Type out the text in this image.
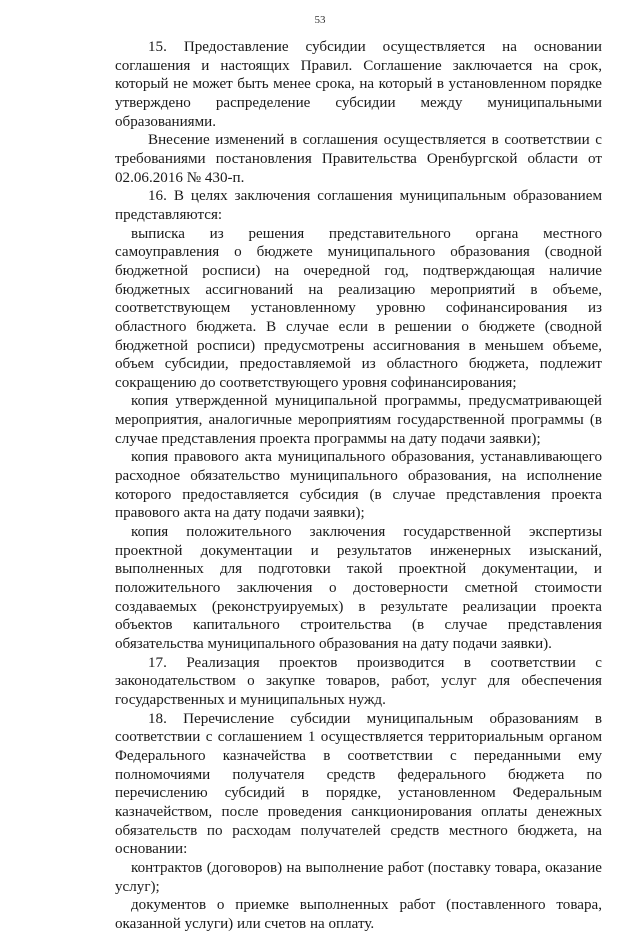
53

15. Предоставление субсидии осуществляется на основании соглашения и настоящих Правил. Соглашение заключается на срок, который не может быть менее срока, на который в установленном порядке утверждено распределение субсидии между муниципальными образованиями.

Внесение изменений в соглашения осуществляется в соответствии с требованиями постановления Правительства Оренбургской области от 02.06.2016 № 430-п.

16. В целях заключения соглашения муниципальным образованием представляются:

выписка из решения представительного органа местного самоуправления о бюджете муниципального образования (сводной бюджетной росписи) на очередной год, подтверждающая наличие бюджетных ассигнований на реализацию мероприятий в объеме, соответствующем установленному уровню софинансирования из областного бюджета. В случае если в решении о бюджете (сводной бюджетной росписи) предусмотрены ассигнования в меньшем объеме, объем субсидии, предоставляемой из областного бюджета, подлежит сокращению до соответствующего уровня софинансирования;

копия утвержденной муниципальной программы, предусматривающей мероприятия, аналогичные мероприятиям государственной программы (в случае представления проекта программы на дату подачи заявки);

копия правового акта муниципального образования, устанавливающего расходное обязательство муниципального образования, на исполнение которого предоставляется субсидия (в случае представления проекта правового акта на дату подачи заявки);

копия положительного заключения государственной экспертизы проектной документации и результатов инженерных изысканий, выполненных для подготовки такой проектной документации, и положительного заключения о достоверности сметной стоимости создаваемых (реконструируемых) в результате реализации проекта объектов капитального строительства (в случае представления обязательства муниципального образования на дату подачи заявки).

17. Реализация проектов производится в соответствии с законодательством о закупке товаров, работ, услуг для обеспечения государственных и муниципальных нужд.

18. Перечисление субсидии муниципальным образованиям в соответствии с соглашением 1 осуществляется территориальным органом Федерального казначейства в соответствии с переданными ему полномочиями получателя средств федерального бюджета по перечислению субсидий в порядке, установленном Федеральным казначейством, после проведения санкционирования оплаты денежных обязательств по расходам получателей средств местного бюджета, на основании:

контрактов (договоров) на выполнение работ (поставку товара, оказание услуг);

документов о приемке выполненных работ (поставленного товара, оказанной услуги) или счетов на оплату.
